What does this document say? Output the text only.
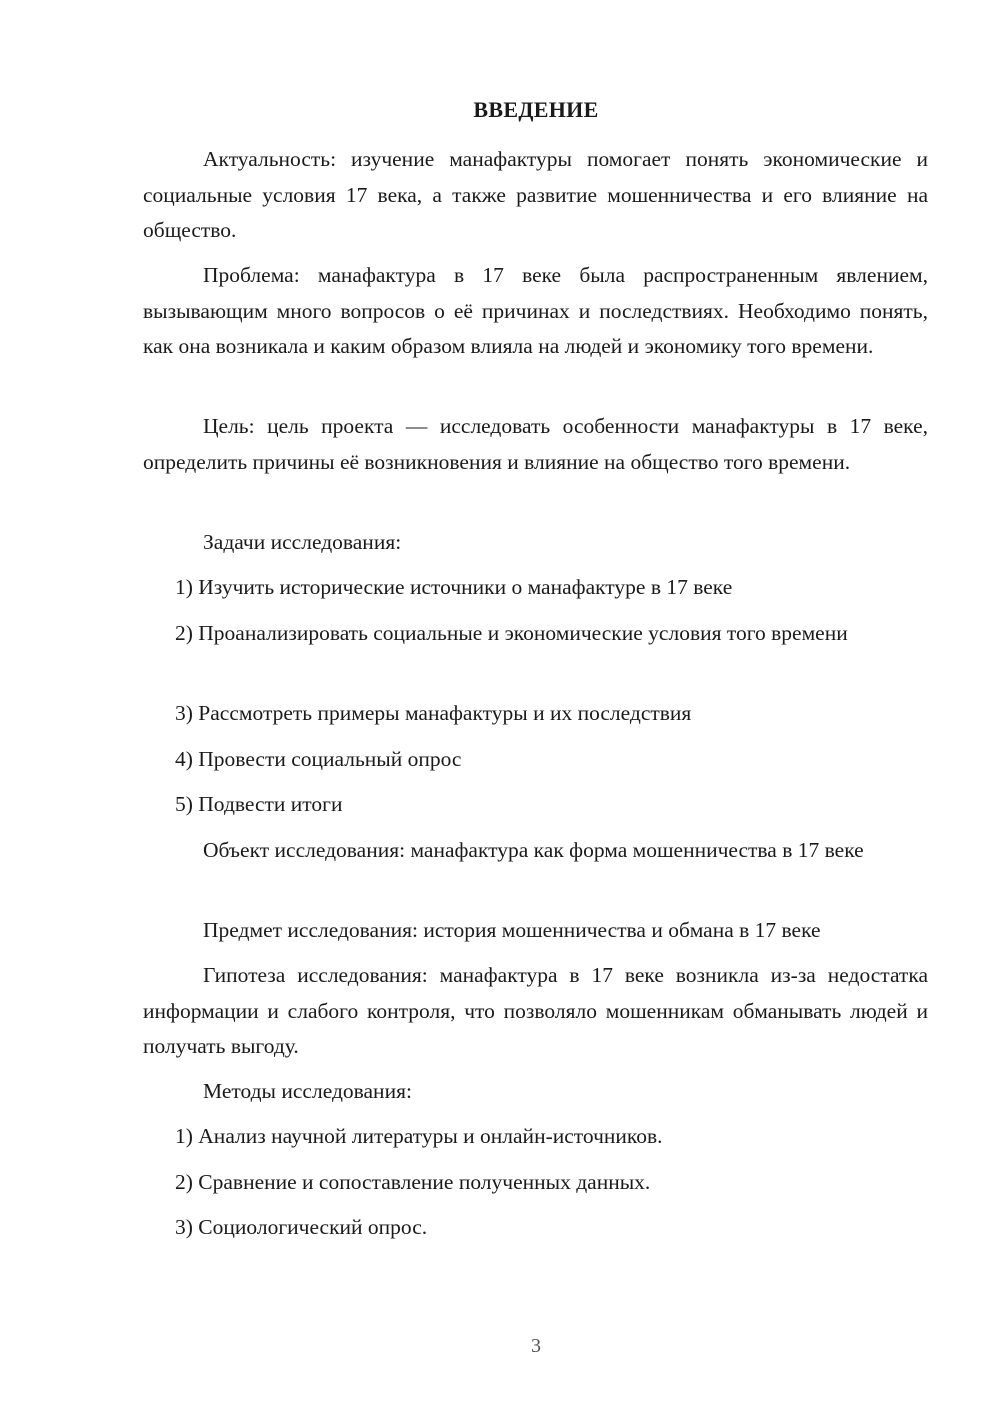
ВВЕДЕНИЕ

Актуальность: изучение манафактуры помогает понять экономические и социальные условия 17 века, а также развитие мошенничества и его влияние на общество.

Проблема: манафактура в 17 веке была распространенным явлением, вызывающим много вопросов о её причинах и последствиях. Необходимо понять, как она возникала и каким образом влияла на людей и экономику того времени.

Цель: цель проекта — исследовать особенности манафактуры в 17 веке, определить причины её возникновения и влияние на общество того времени.

Задачи исследования:

1) Изучить исторические источники о манафактуре в 17 веке

2) Проанализировать социальные и экономические условия того времени

3) Рассмотреть примеры манафактуры и их последствия

4) Провести социальный опрос

5) Подвести итоги

Объект исследования: манафактура как форма мошенничества в 17 веке

Предмет исследования: история мошенничества и обмана в 17 веке

Гипотеза исследования: манафактура в 17 веке возникла из-за недостатка информации и слабого контроля, что позволяло мошенникам обманывать людей и получать выгоду.

Методы исследования:

1) Анализ научной литературы и онлайн-источников.

2) Сравнение и сопоставление полученных данных.

3) Социологический опрос.

3
